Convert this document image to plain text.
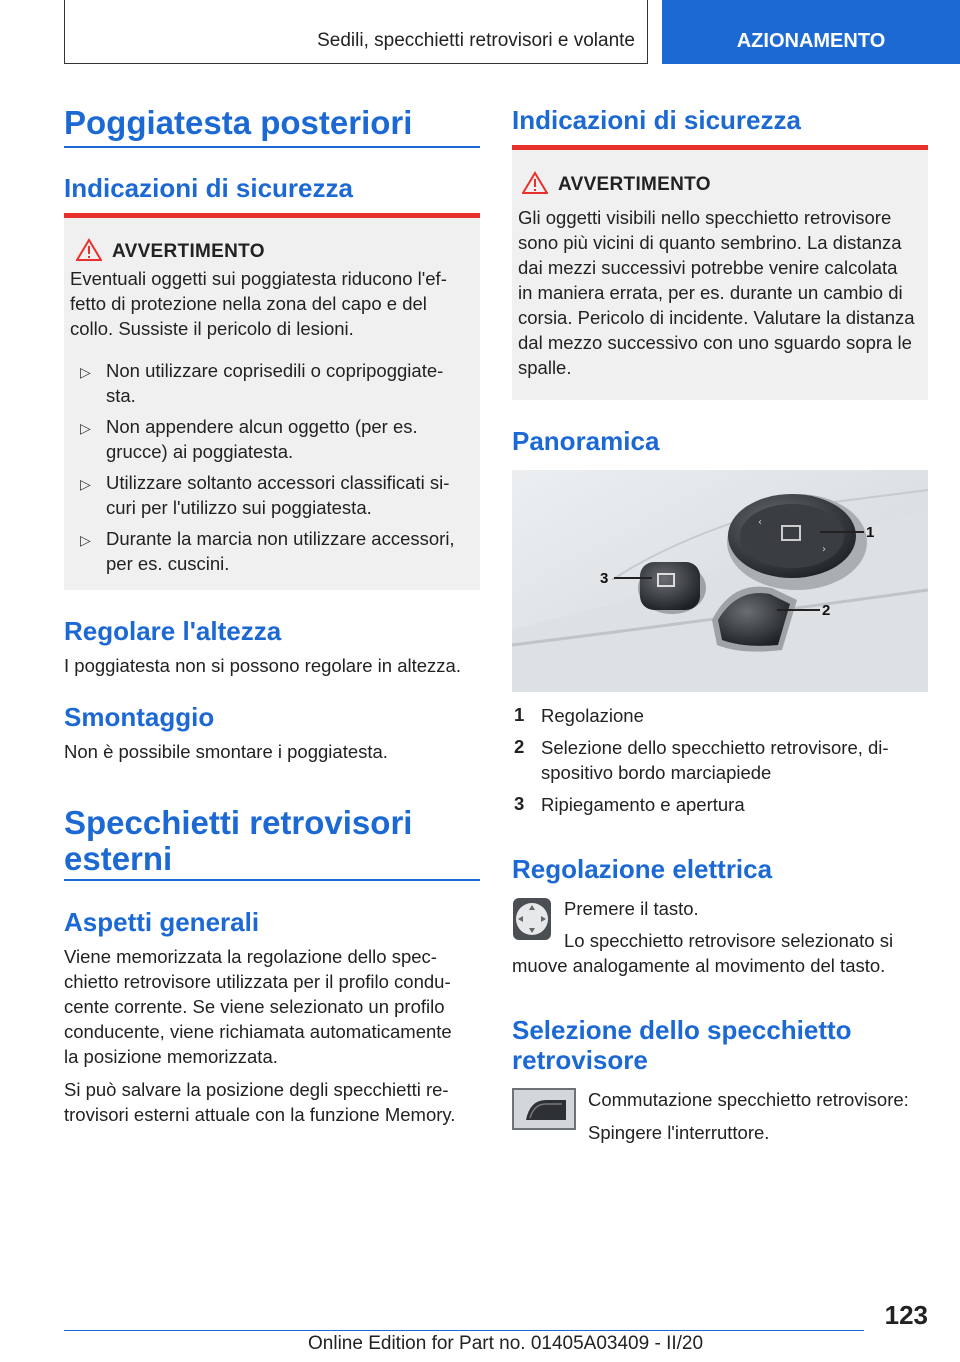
Sedili, specchietti retrovisori e volante	AZIONAMENTO
Poggiatesta posteriori
Indicazioni di sicurezza
AVVERTIMENTO
Eventuali oggetti sui poggiatesta riducono l'ef-
fetto di protezione nella zona del capo e del
collo. Sussiste il pericolo di lesioni.
▷ Non utilizzare coprisedili o copripoggiate-
sta.
▷ Non appendere alcun oggetto (per es.
grucce) ai poggiatesta.
▷ Utilizzare soltanto accessori classificati si-
curi per l'utilizzo sui poggiatesta.
▷ Durante la marcia non utilizzare accessori,
per es. cuscini.
Regolare l'altezza
I poggiatesta non si possono regolare in altezza.
Smontaggio
Non è possibile smontare i poggiatesta.
Specchietti retrovisori
esterni
Aspetti generali
Viene memorizzata la regolazione dello spec-
chietto retrovisore utilizzata per il profilo condu-
cente corrente. Se viene selezionato un profilo
conducente, viene richiamata automaticamente
la posizione memorizzata.
Si può salvare la posizione degli specchietti re-
trovisori esterni attuale con la funzione Memory.
Indicazioni di sicurezza
AVVERTIMENTO
Gli oggetti visibili nello specchietto retrovisore
sono più vicini di quanto sembrino. La distanza
dai mezzi successivi potrebbe venire calcolata
in maniera errata, per es. durante un cambio di
corsia. Pericolo di incidente. Valutare la distanza
dal mezzo successivo con uno sguardo sopra le
spalle.
Panoramica
‹
›
1
2
3
1 Regolazione
2 Selezione dello specchietto retrovisore, di-
spositivo bordo marciapiede
3 Ripiegamento e apertura
Regolazione elettrica
Premere il tasto.
Lo specchietto retrovisore selezionato si
muove analogamente al movimento del tasto.
Selezione dello specchietto
retrovisore
Commutazione specchietto retrovisore:
Spingere l'interruttore.
123
Online Edition for Part no. 01405A03409 - II/20
